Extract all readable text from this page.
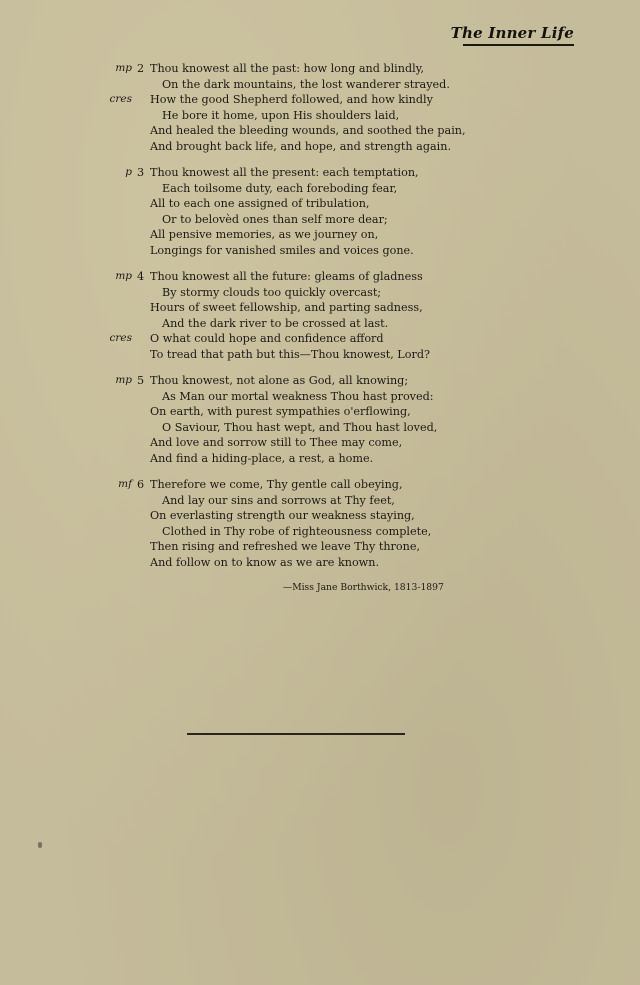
The Inner Life
mp 2 Thou knowest all the past: how long and blindly,
On the dark mountains, the lost wanderer strayed.
cres How the good Shepherd followed, and how kindly
He bore it home, upon His shoulders laid,
And healed the bleeding wounds, and soothed the pain,
And brought back life, and hope, and strength again.
p 3 Thou knowest all the present: each temptation,
Each toilsome duty, each foreboding fear,
All to each one assigned of tribulation,
Or to belovèd ones than self more dear;
All pensive memories, as we journey on,
Longings for vanished smiles and voices gone.
mp 4 Thou knowest all the future: gleams of gladness
By stormy clouds too quickly overcast;
Hours of sweet fellowship, and parting sadness,
And the dark river to be crossed at last.
cres O what could hope and confidence afford
To tread that path but this—Thou knowest, Lord?
mp 5 Thou knowest, not alone as God, all knowing;
As Man our mortal weakness Thou hast proved:
On earth, with purest sympathies o'erflowing,
O Saviour, Thou hast wept, and Thou hast loved,
And love and sorrow still to Thee may come,
And find a hiding-place, a rest, a home.
mf 6 Therefore we come, Thy gentle call obeying,
And lay our sins and sorrows at Thy feet,
On everlasting strength our weakness staying,
Clothed in Thy robe of righteousness complete,
Then rising and refreshed we leave Thy throne,
And follow on to know as we are known.
—Miss Jane Borthwick, 1813-1897
